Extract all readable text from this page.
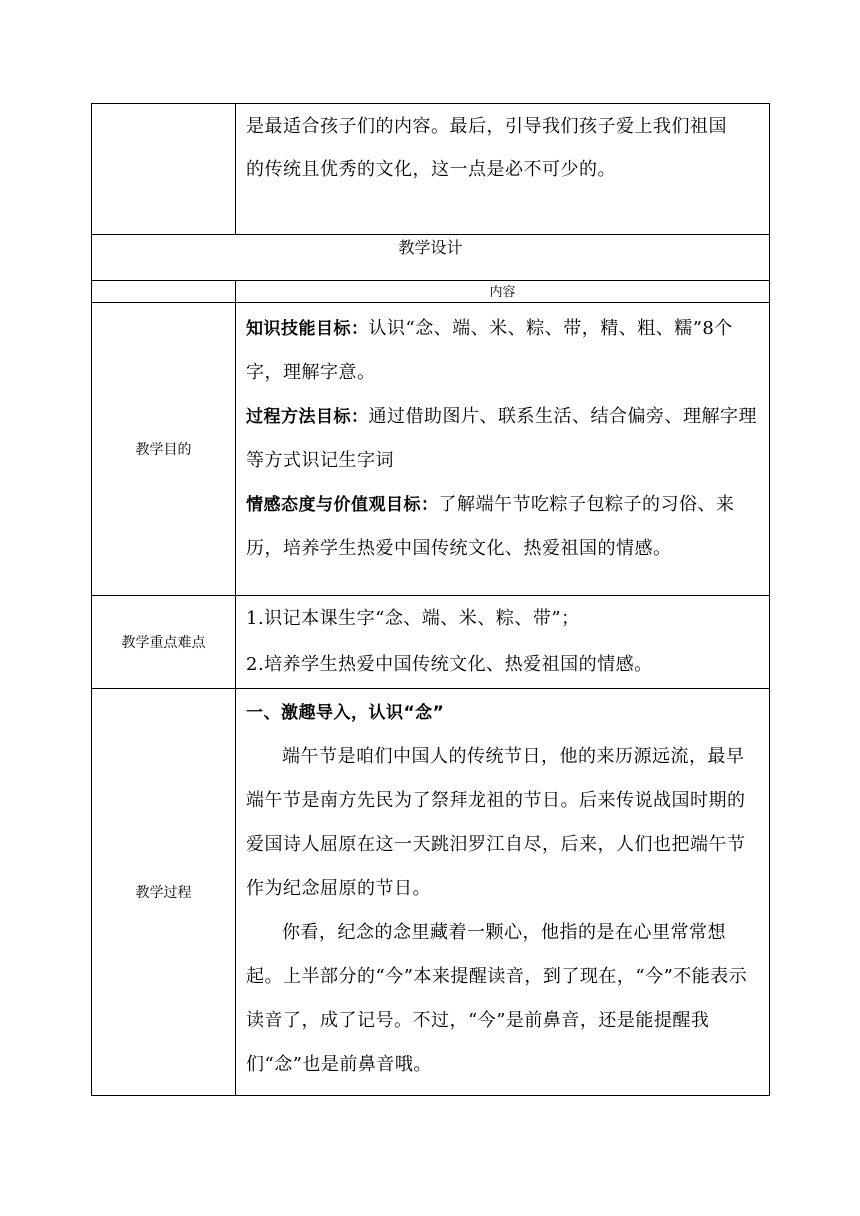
	是最适合孩子们的内容。最后，引导我们孩子爱上我们祖国

的传统且优秀的文化，这一点是必不可少的。

教学设计	
	内容
教学目的	知识技能目标：认识“念、端、米、粽、带，精、粗、糯”8个字，理解字意。

过程方法目标：通过借助图片、联系生活、结合偏旁、理解字理等方式识记生字词

情感态度与价值观目标：了解端午节吃粽子包粽子的习俗、来历，培养学生热爱中国传统文化、热爱祖国的情感。

教学重点难点	1.识记本课生字“念、端、米、粽、带”；

2.培养学生热爱中国传统文化、热爱祖国的情感。

教学过程	一、激趣导入，认识“念”

端午节是咱们中国人的传统节日，他的来历源远流，最早端午节是南方先民为了祭拜龙祖的节日。后来传说战国时期的爱国诗人屈原在这一天跳汨罗江自尽，后来，人们也把端午节作为纪念屈原的节日。

你看，纪念的念里藏着一颗心，他指的是在心里常常想起。上半部分的“今”本来提醒读音，到了现在，“今”不能表示读音了，成了记号。不过，“今”是前鼻音，还是能提醒我们“念”也是前鼻音哦。
